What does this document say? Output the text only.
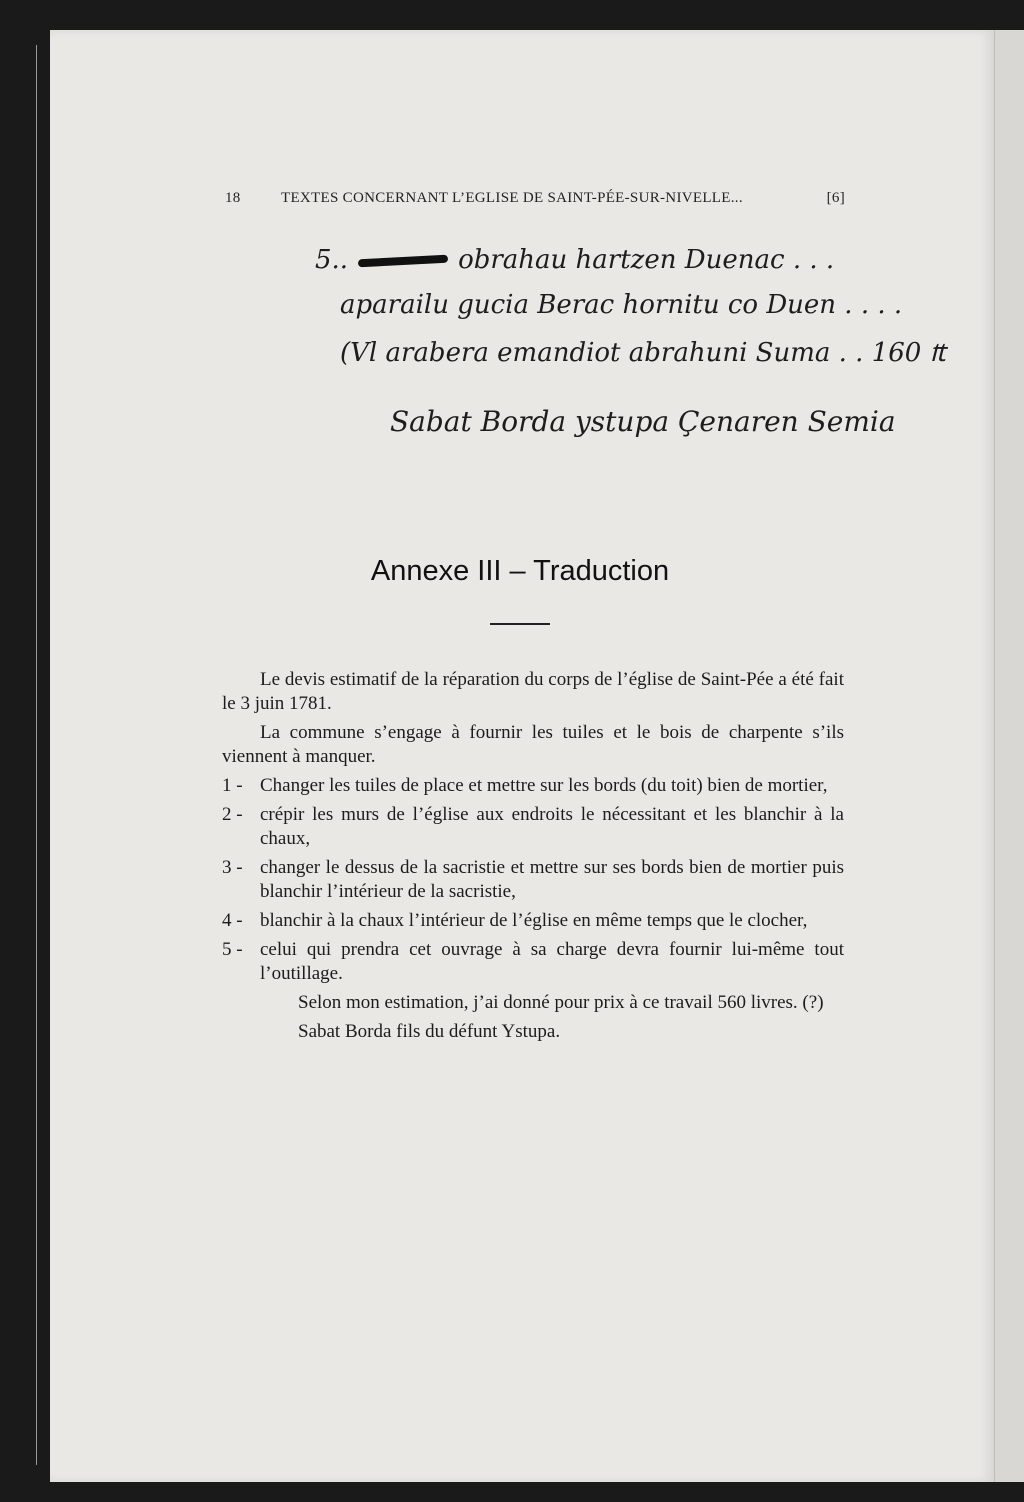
18	TEXTES CONCERNANT L’EGLISE DE SAINT-PÉE-SUR-NIVELLE...	[6]
5..	obrahau hartzen Duenac . . .
aparailu gucia Berac hornitu co Duen . . . .
(Vl arabera emandiot abrahuni Suma . . 160 ₶
Sabat Borda ystupa Çenaren Semia
Annexe III – Traduction

Le devis estimatif de la réparation du corps de l’église de Saint-Pée a été fait le 3 juin 1781.

La commune s’engage à fournir les tuiles et le bois de charpente s’ils viennent à manquer.

1 - Changer les tuiles de place et mettre sur les bords (du toit) bien de mortier,
2 - crépir les murs de l’église aux endroits le nécessitant et les blanchir à la chaux,
3 - changer le dessus de la sacristie et mettre sur ses bords bien de mortier puis blanchir l’intérieur de la sacristie,
4 - blanchir à la chaux l’intérieur de l’église en même temps que le clocher,
5 - celui qui prendra cet ouvrage à sa charge devra fournir lui-même tout l’outillage.

Selon mon estimation, j’ai donné pour prix à ce travail 560 livres. (?)

Sabat Borda fils du défunt Ystupa.
